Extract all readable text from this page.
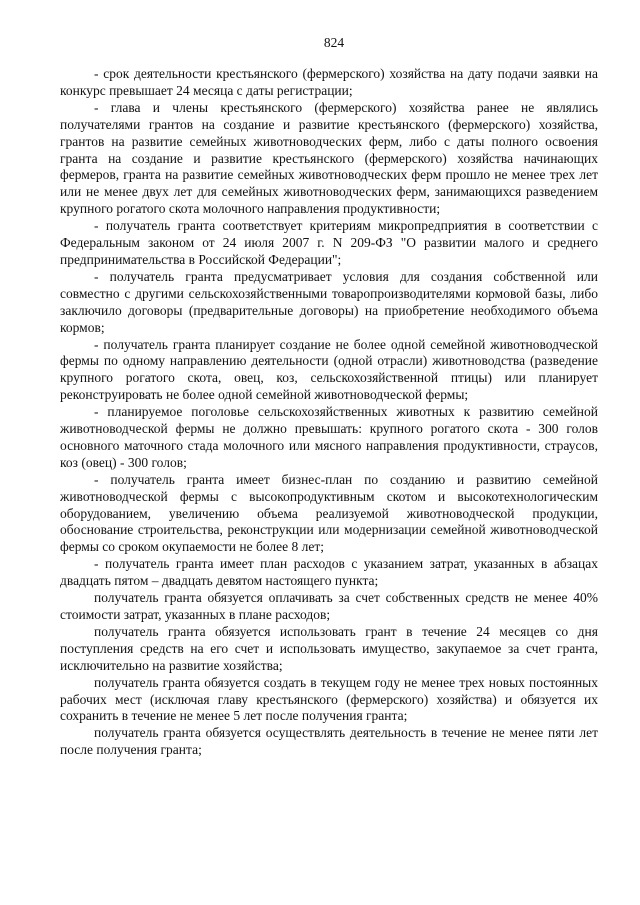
824

- срок деятельности крестьянского (фермерского) хозяйства на дату подачи заявки на конкурс превышает 24 месяца с даты регистрации;

- глава и члены крестьянского (фермерского) хозяйства ранее не являлись получателями грантов на создание и развитие крестьянского (фермерского) хозяйства, грантов на развитие семейных животноводческих ферм, либо с даты полного освоения гранта на создание и развитие крестьянского (фермерского) хозяйства начинающих фермеров, гранта на развитие семейных животноводческих ферм прошло не менее трех лет или не менее двух лет для семейных животноводческих ферм, занимающихся разведением крупного рогатого скота молочного направления продуктивности;

- получатель гранта соответствует критериям микропредприятия в соответствии с Федеральным законом от 24 июля 2007 г. N 209-ФЗ "О развитии малого и среднего предпринимательства в Российской Федерации";

- получатель гранта предусматривает условия для создания собственной или совместно с другими сельскохозяйственными товаропроизводителями кормовой базы, либо заключило договоры (предварительные договоры) на приобретение необходимого объема кормов;

- получатель гранта планирует создание не более одной семейной животноводческой фермы по одному направлению деятельности (одной отрасли) животноводства (разведение крупного рогатого скота, овец, коз, сельскохозяйственной птицы) или планирует реконструировать не более одной семейной животноводческой фермы;

- планируемое поголовье сельскохозяйственных животных к развитию семейной животноводческой фермы не должно превышать: крупного рогатого скота - 300 голов основного маточного стада молочного или мясного направления продуктивности, страусов, коз (овец) - 300 голов;

- получатель гранта имеет бизнес-план по созданию и развитию семейной животноводческой фермы с высокопродуктивным скотом и высокотехнологическим оборудованием, увеличению объема реализуемой животноводческой продукции, обоснование строительства, реконструкции или модернизации семейной животноводческой фермы со сроком окупаемости не более 8 лет;

- получатель гранта имеет план расходов с указанием затрат, указанных в абзацах двадцать пятом – двадцать девятом настоящего пункта;

получатель гранта обязуется оплачивать за счет собственных средств не менее 40% стоимости затрат, указанных в плане расходов;

получатель гранта обязуется использовать грант в течение 24 месяцев со дня поступления средств на его счет и использовать имущество, закупаемое за счет гранта, исключительно на развитие хозяйства;

получатель гранта обязуется создать в текущем году не менее трех новых постоянных рабочих мест (исключая главу крестьянского (фермерского) хозяйства) и обязуется их сохранить в течение не менее 5 лет после получения гранта;

получатель гранта обязуется осуществлять деятельность в течение не менее пяти лет после получения гранта;
